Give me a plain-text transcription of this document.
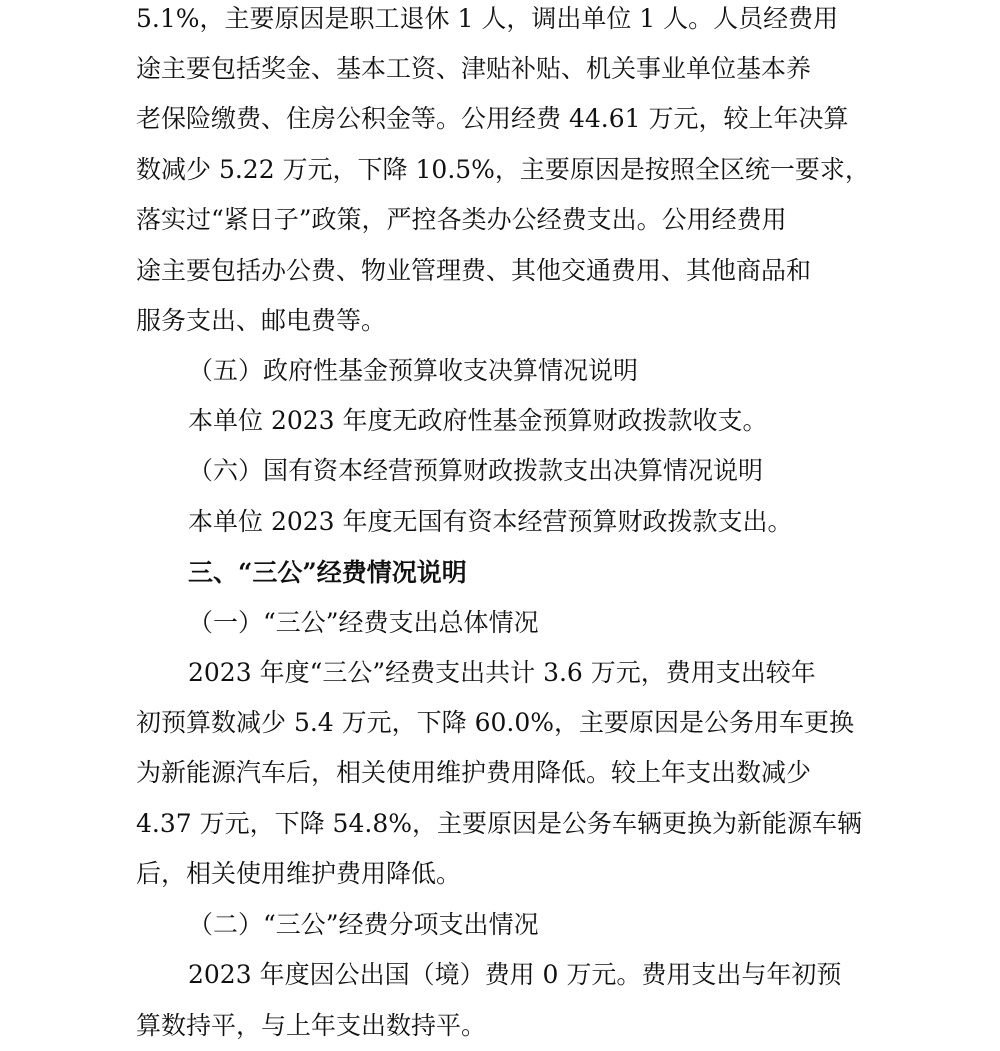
5.1%，主要原因是职工退休 1 人，调出单位 1 人。人员经费用
途主要包括奖金、基本工资、津贴补贴、机关事业单位基本养
老保险缴费、住房公积金等。公用经费 44.61 万元，较上年决算
数减少 5.22 万元，下降 10.5%，主要原因是按照全区统一要求，
落实过“紧日子”政策，严控各类办公经费支出。公用经费用
途主要包括办公费、物业管理费、其他交通费用、其他商品和
服务支出、邮电费等。
（五）政府性基金预算收支决算情况说明
本单位 2023 年度无政府性基金预算财政拨款收支。
（六）国有资本经营预算财政拨款支出决算情况说明
本单位 2023 年度无国有资本经营预算财政拨款支出。
三、“三公”经费情况说明
（一）“三公”经费支出总体情况
2023 年度“三公”经费支出共计 3.6 万元，费用支出较年
初预算数减少 5.4 万元，下降 60.0%，主要原因是公务用车更换
为新能源汽车后，相关使用维护费用降低。较上年支出数减少
4.37 万元，下降 54.8%，主要原因是公务车辆更换为新能源车辆
后，相关使用维护费用降低。
（二）“三公”经费分项支出情况
2023 年度因公出国（境）费用 0 万元。费用支出与年初预
算数持平，与上年支出数持平。
